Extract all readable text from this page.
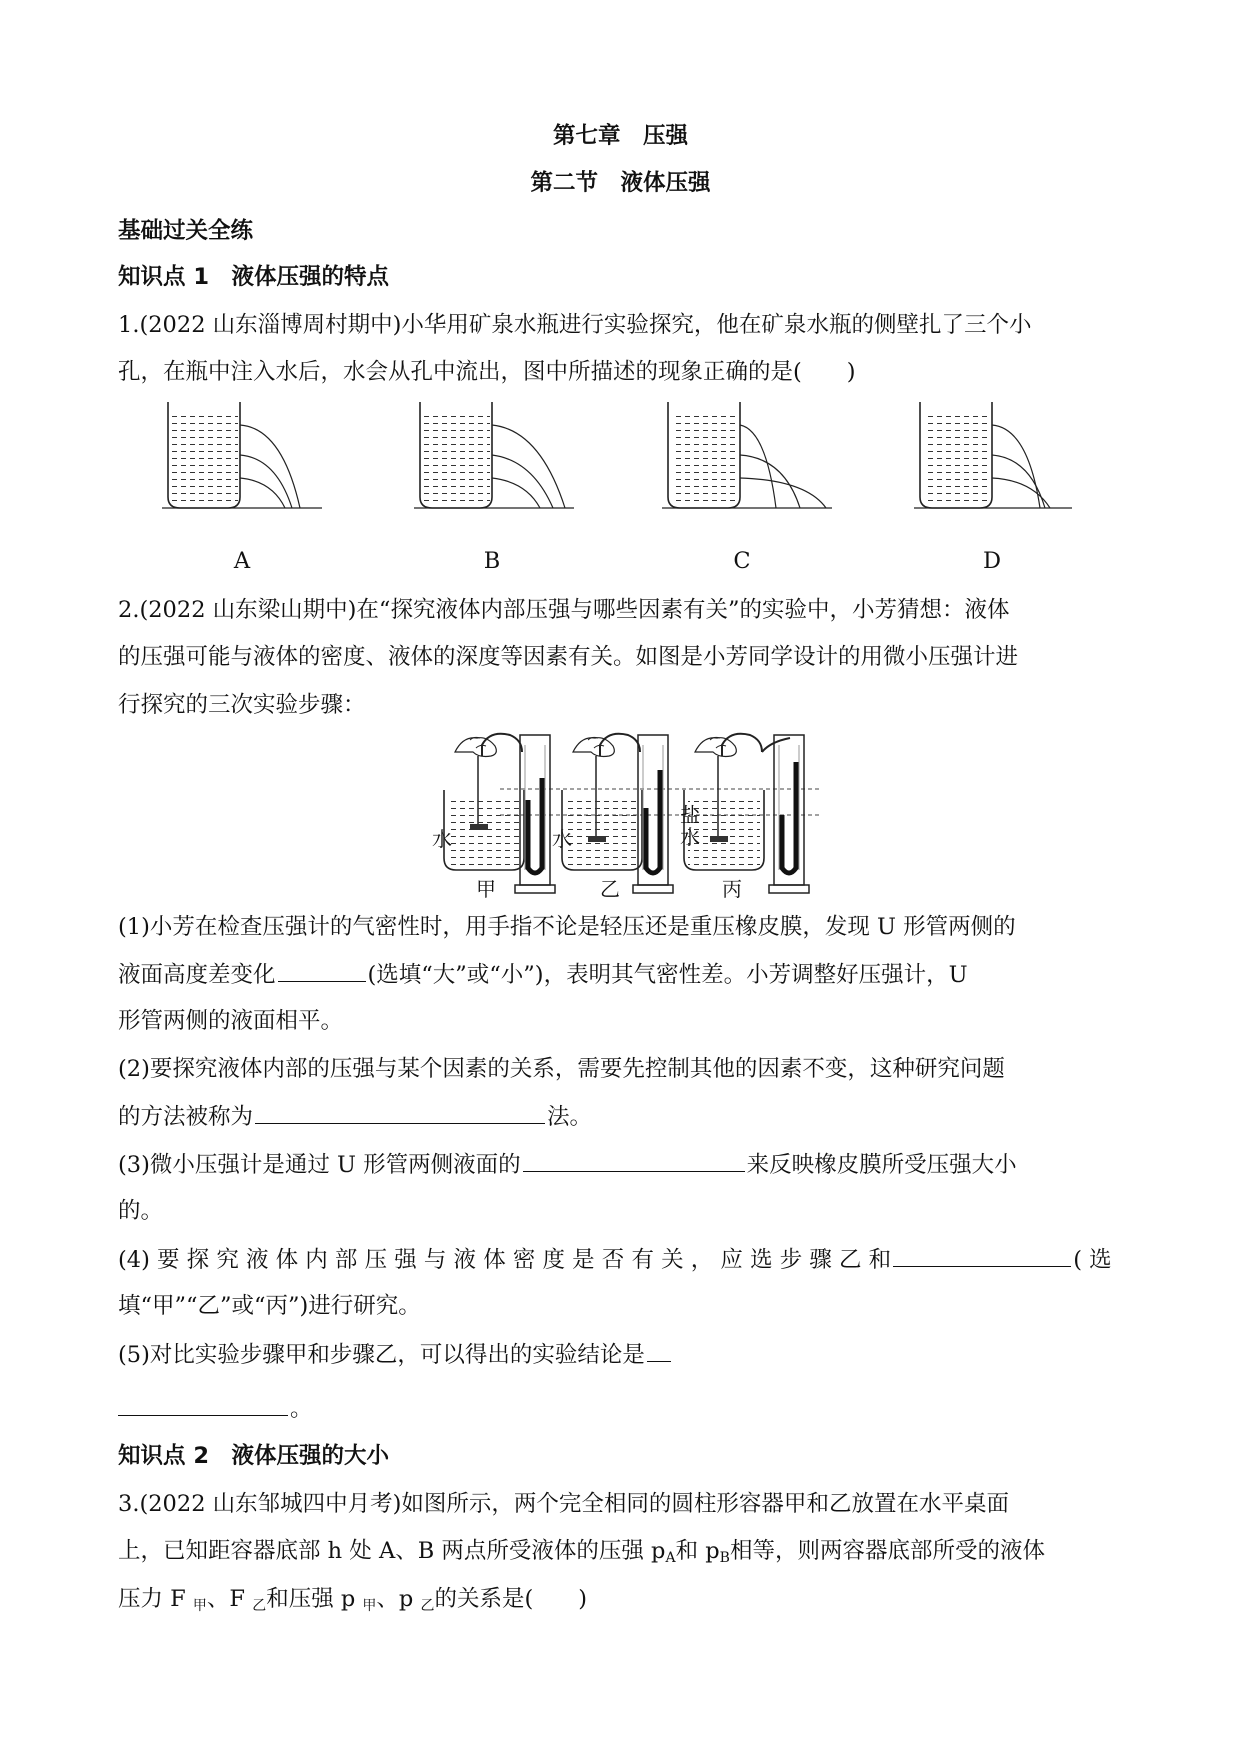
第七章　压强
第二节　液体压强
基础过关全练
知识点 1　液体压强的特点
1.(2022 山东淄博周村期中)小华用矿泉水瓶进行实验探究，他在矿泉水瓶的侧壁扎了三个小
孔，在瓶中注入水后，水会从孔中流出，图中所描述的现象正确的是(　　)
A	B	C	D
2.(2022 山东梁山期中)在“探究液体内部压强与哪些因素有关”的实验中，小芳猜想：液体
的压强可能与液体的密度、液体的深度等因素有关。如图是小芳同学设计的用微小压强计进
行探究的三次实验步骤：
水	水
盐
水
甲	乙	丙
(1)小芳在检查压强计的气密性时，用手指不论是轻压还是重压橡皮膜，发现 U 形管两侧的
液面高度差变化	(选填“大”或“小”)，表明其气密性差。小芳调整好压强计，U
形管两侧的液面相平。
(2)要探究液体内部的压强与某个因素的关系，需要先控制其他的因素不变，这种研究问题
的方法被称为	法。
(3)微小压强计是通过 U 形管两侧液面的	来反映橡皮膜所受压强大小
的。
(4) 要 探 究 液 体 内 部 压 强 与 液 体 密 度 是 否 有 关 ， 应 选 步 骤 乙 和	( 选
填“甲”“乙”或“丙”)进行研究。
(5)对比实验步骤甲和步骤乙，可以得出的实验结论是
。
知识点 2　液体压强的大小
3.(2022 山东邹城四中月考)如图所示，两个完全相同的圆柱形容器甲和乙放置在水平桌面
上，已知距容器底部 h 处 A、B 两点所受液体的压强 $p_A$和 $p_B$相等，则两容器底部所受的液体
压力 F $_甲$、F $_乙$和压强 p $_甲$、p $_乙$的关系是(　　)
